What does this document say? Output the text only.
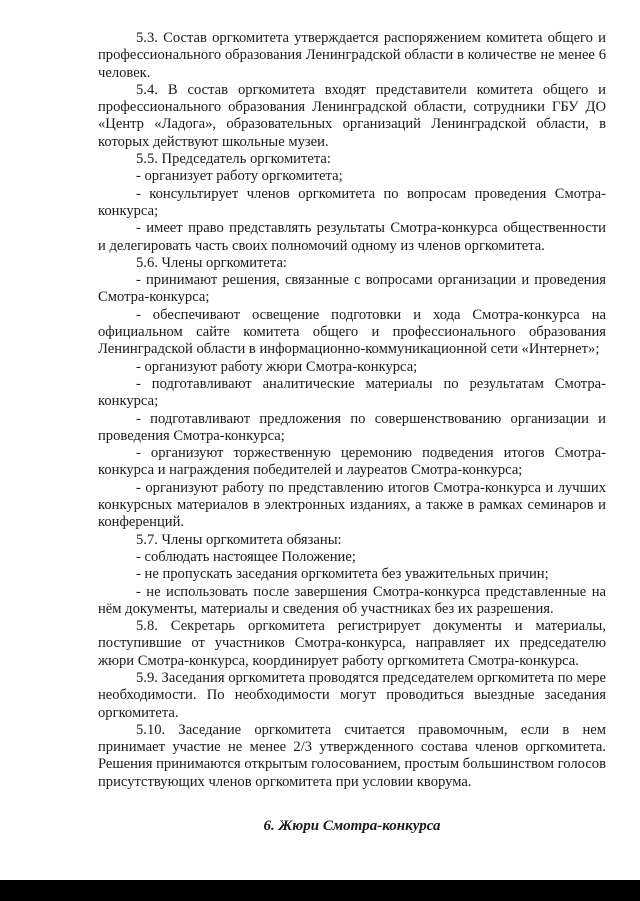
5.3. Состав оргкомитета утверждается распоряжением комитета общего и профессионального образования Ленинградской области в количестве не менее 6 человек.

5.4. В состав оргкомитета входят представители комитета общего и профессионального образования Ленинградской области, сотрудники ГБУ ДО «Центр «Ладога», образовательных организаций Ленинградской области, в которых действуют школьные музеи.

5.5. Председатель оргкомитета:

- организует работу оргкомитета;

- консультирует членов оргкомитета по вопросам проведения Смотра-конкурса;

- имеет право представлять результаты Смотра-конкурса общественности и делегировать часть своих полномочий одному из членов оргкомитета.

5.6. Члены оргкомитета:

- принимают решения, связанные с вопросами организации и проведения Смотра-конкурса;

- обеспечивают освещение подготовки и хода Смотра-конкурса на официальном сайте комитета общего и профессионального образования Ленинградской области в информационно-коммуникационной сети «Интернет»;

- организуют работу жюри Смотра-конкурса;

- подготавливают аналитические материалы по результатам Смотра-конкурса;

- подготавливают предложения по совершенствованию организации и проведения Смотра-конкурса;

- организуют торжественную церемонию подведения итогов Смотра-конкурса и награждения победителей и лауреатов Смотра-конкурса;

- организуют работу по представлению итогов Смотра-конкурса и лучших конкурсных материалов в электронных изданиях, а также в рамках семинаров и конференций.

5.7. Члены оргкомитета обязаны:

- соблюдать настоящее Положение;

- не пропускать заседания оргкомитета без уважительных причин;

- не использовать после завершения Смотра-конкурса представленные на нём документы, материалы и сведения об участниках без их разрешения.

5.8. Секретарь оргкомитета регистрирует документы и материалы, поступившие от участников Смотра-конкурса, направляет их председателю жюри Смотра-конкурса, координирует работу оргкомитета Смотра-конкурса.

5.9. Заседания оргкомитета проводятся председателем оргкомитета по мере необходимости. По необходимости могут проводиться выездные заседания оргкомитета.

5.10. Заседание оргкомитета считается правомочным, если в нем принимает участие не менее 2/3 утвержденного состава членов оргкомитета. Решения принимаются открытым голосованием, простым большинством голосов присутствующих членов оргкомитета при условии кворума.

6. Жюри Смотра-конкурса
